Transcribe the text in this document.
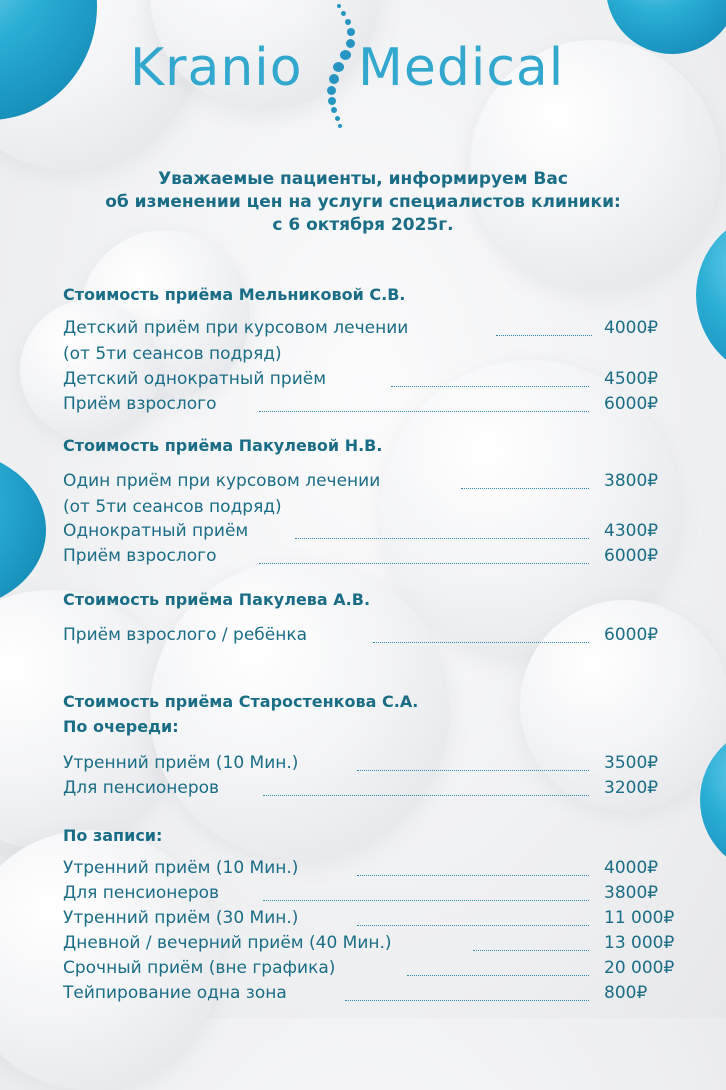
Kranio Medical
Уважаемые пациенты, информируем Вас
об изменении цен на услуги специалистов клиники:
с 6 октября 2025г.
Стоимость приёма Мельниковой С.В.
Детский приём при курсовом лечении	4000₽
(от 5ти сеансов подряд)
Детский однократный приём	4500₽
Приём взрослого	6000₽
Стоимость приёма Пакулевой Н.В.
Один приём при курсовом лечении	3800₽
(от 5ти сеансов подряд)
Однократный приём	4300₽
Приём взрослого	6000₽
Стоимость приёма Пакулева А.В.
Приём взрослого / ребёнка	6000₽
Стоимость приёма Старостенкова С.А.
По очереди:
Утренний приём (10 Мин.)	3500₽
Для пенсионеров	3200₽
По записи:
Утренний приём (10 Мин.)	4000₽
Для пенсионеров	3800₽
Утренний приём (30 Мин.)	11 000₽
Дневной / вечерний приём (40 Мин.)	13 000₽
Срочный приём (вне графика)	20 000₽
Тейпирование одна зона	800₽
